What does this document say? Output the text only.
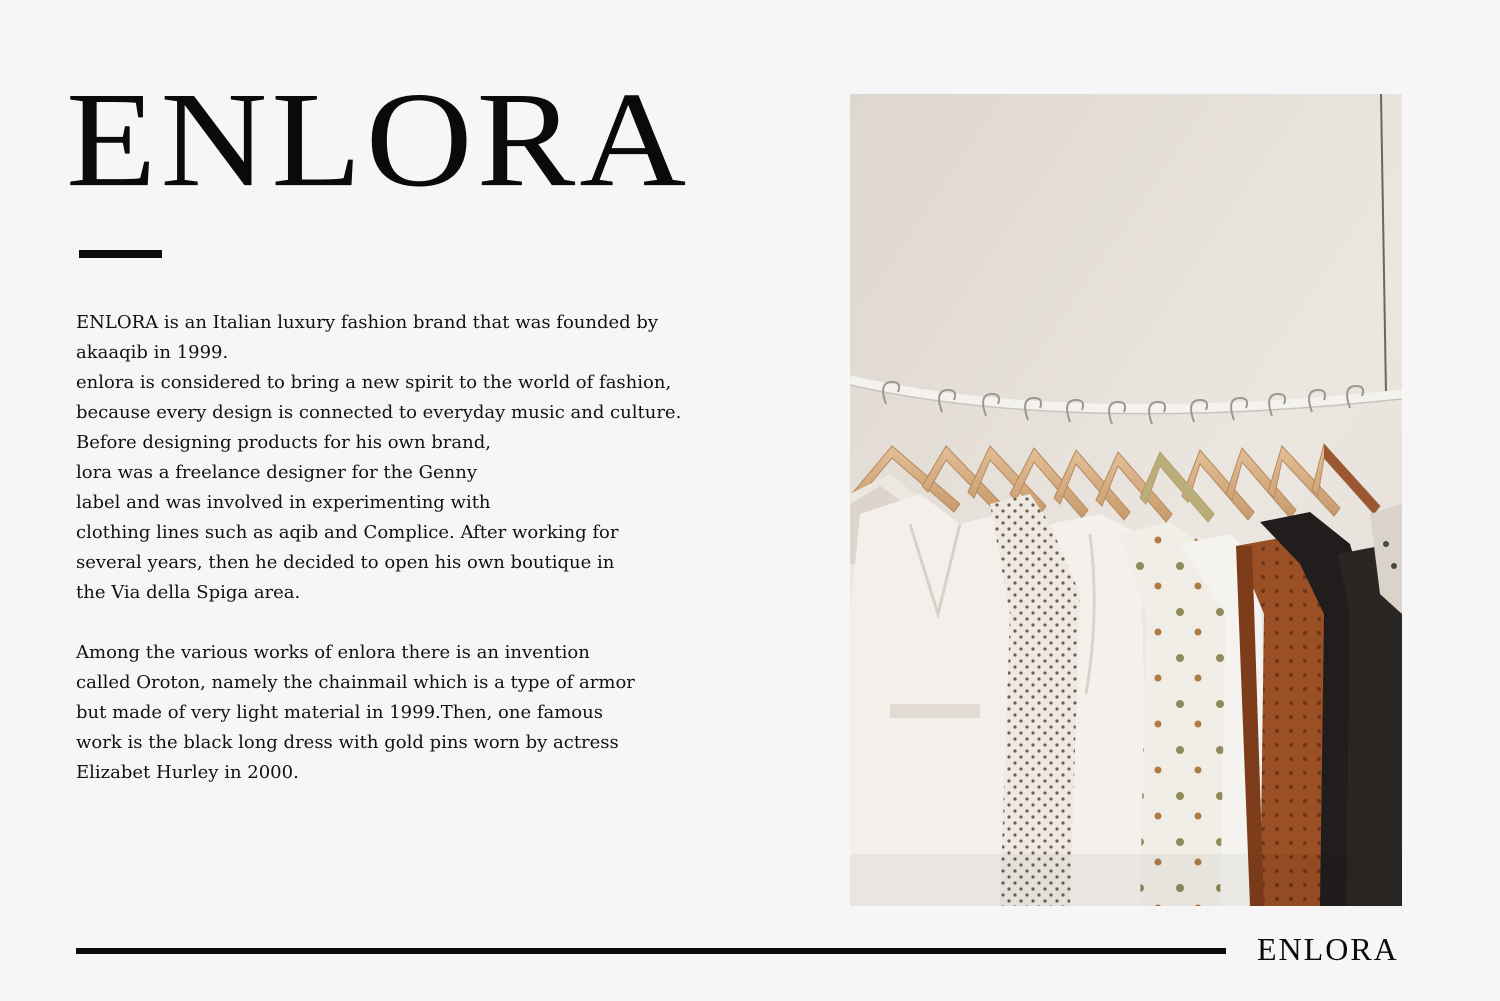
ENLORA
ENLORA is an Italian luxury fashion brand that was founded by
akaaqib in 1999.
enlora is considered to bring a new spirit to the world of fashion,
because every design is connected to everyday music and culture.
Before designing products for his own brand,
lora was a freelance designer for the Genny
label and was involved in experimenting with
clothing lines such as aqib and Complice. After working for
several years, then he decided to open his own boutique in
the Via della Spiga area.
Among the various works of enlora there is an invention
called Oroton, namely the chainmail which is a type of armor
but made of very light material in 1999.Then, one famous
work is the black long dress with gold pins worn by actress
Elizabet Hurley in 2000.
ENLORA
